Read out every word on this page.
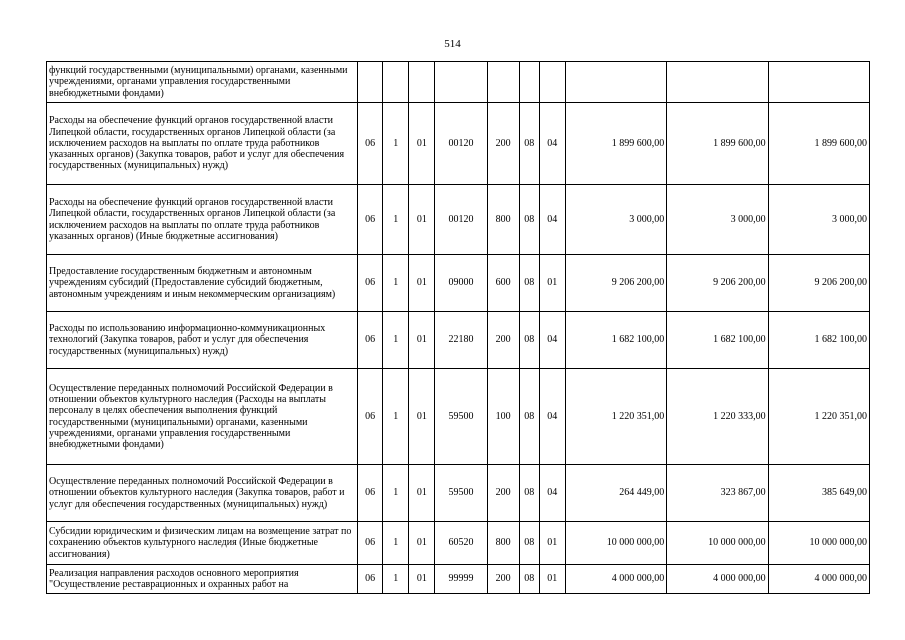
514
функций государственными (муниципальными) органами, казенными учреждениями, органами управления государственными внебюджетными фондами)										
Расходы на обеспечение функций органов государственной власти Липецкой области, государственных органов Липецкой области (за исключением расходов на выплаты по оплате труда работников указанных органов) (Закупка товаров, работ и услуг для обеспечения государственных (муниципальных) нужд)	06	1	01	00120	200	08	04	1 899 600,00	1 899 600,00	1 899 600,00
Расходы на обеспечение функций органов государственной власти Липецкой области, государственных органов Липецкой области (за исключением расходов на выплаты по оплате труда работников указанных органов) (Иные бюджетные ассигнования)	06	1	01	00120	800	08	04	3 000,00	3 000,00	3 000,00
Предоставление государственным бюджетным и автономным учреждениям субсидий (Предоставление субсидий бюджетным, автономным учреждениям и иным некоммерческим организациям)	06	1	01	09000	600	08	01	9 206 200,00	9 206 200,00	9 206 200,00
Расходы по использованию информационно-коммуникационных технологий (Закупка товаров, работ и услуг для обеспечения государственных (муниципальных) нужд)	06	1	01	22180	200	08	04	1 682 100,00	1 682 100,00	1 682 100,00
Осуществление переданных полномочий Российской Федерации в отношении объектов культурного наследия (Расходы на выплаты персоналу в целях обеспечения выполнения функций государственными (муниципальными) органами, казенными учреждениями, органами управления государственными внебюджетными фондами)	06	1	01	59500	100	08	04	1 220 351,00	1 220 333,00	1 220 351,00
Осуществление переданных полномочий Российской Федерации в отношении объектов культурного наследия (Закупка товаров, работ и услуг для обеспечения государственных (муниципальных) нужд)	06	1	01	59500	200	08	04	264 449,00	323 867,00	385 649,00
Субсидии юридическим и физическим лицам на возмещение затрат по сохранению объектов культурного наследия (Иные бюджетные ассигнования)	06	1	01	60520	800	08	01	10 000 000,00	10 000 000,00	10 000 000,00
Реализация направления расходов основного мероприятия "Осуществление реставрационных и охранных работ на	06	1	01	99999	200	08	01	4 000 000,00	4 000 000,00	4 000 000,00
